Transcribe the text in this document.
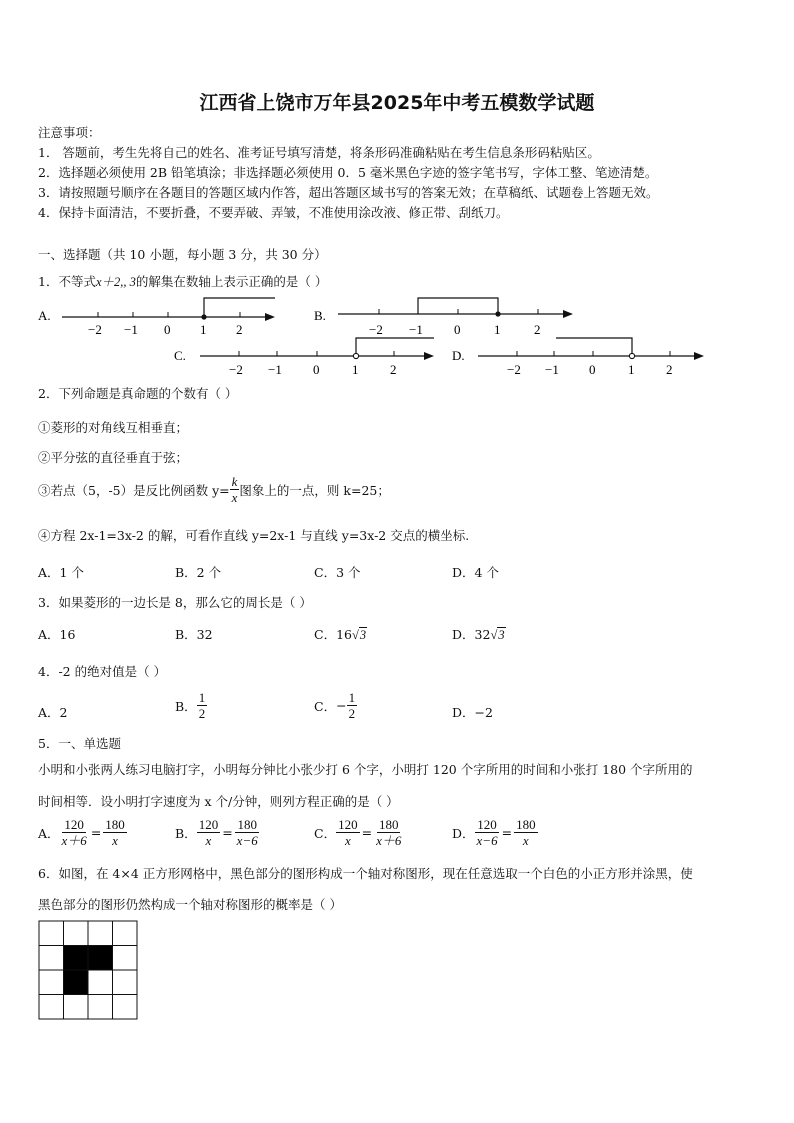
江西省上饶市万年县2025年中考五模数学试题
注意事项：
1． 答题前，考生先将自己的姓名、准考证号填写清楚，将条形码准确粘贴在考生信息条形码粘贴区。
2．选择题必须使用 2B 铅笔填涂；非选择题必须使用 0．5 毫米黑色字迹的签字笔书写，字体工整、笔迹清楚。
3．请按照题号顺序在各题目的答题区域内作答，超出答题区域书写的答案无效；在草稿纸、试题卷上答题无效。
4．保持卡面清洁，不要折叠，不要弄破、弄皱，不准使用涂改液、修正带、刮纸刀。
一、选择题（共 10 小题，每小题 3 分，共 30 分）
1．不等式x＋2,, 3的解集在数轴上表示正确的是（ ）
A.
−2 −1 0 1 2
B.
−2 −1 0	1	2
C.
−2 −1 0	1 2
D.
−2 −1 0	1 2
2．下列命题是真命题的个数有（ ）
①菱形的对角线互相垂直；
②平分弦的直径垂直于弦；
③若点（5，-5）是反比例函数 $y= \frac{k}{x}$ 图象上的一点，则 k=25；
④方程 2x-1=3x-2 的解，可看作直线 y=2x-1 与直线 y=3x-2 交点的横坐标.
A．1 个	B．2 个	C．3 个	D．4 个
3．如果菱形的一边长是 8，那么它的周长是（ ）
A．16	B．32	C．16√3	D．32√3
4．-2 的绝对值是（ ）
A．2	B． $\frac{1}{2}$	C． − $\frac{1}{2}$	D．−2
5．一、单选题
小明和小张两人练习电脑打字，小明每分钟比小张少打 6 个字，小明打 120 个字所用的时间和小张打 180 个字所用的
时间相等．设小明打字速度为 x 个/分钟，则列方程正确的是（ ）
A． $\frac{120}{x+6} = \frac{180}{x}$	B． $\frac{120}{x} = \frac{180}{x-6}$	C． $\frac{120}{x} = \frac{180}{x+6}$	D． $\frac{120}{x-6} = \frac{180}{x}$
6．如图，在 4×4 正方形网格中，黑色部分的图形构成一个轴对称图形，现在任意选取一个白色的小正方形并涂黑，使
黑色部分的图形仍然构成一个轴对称图形的概率是（ ）
